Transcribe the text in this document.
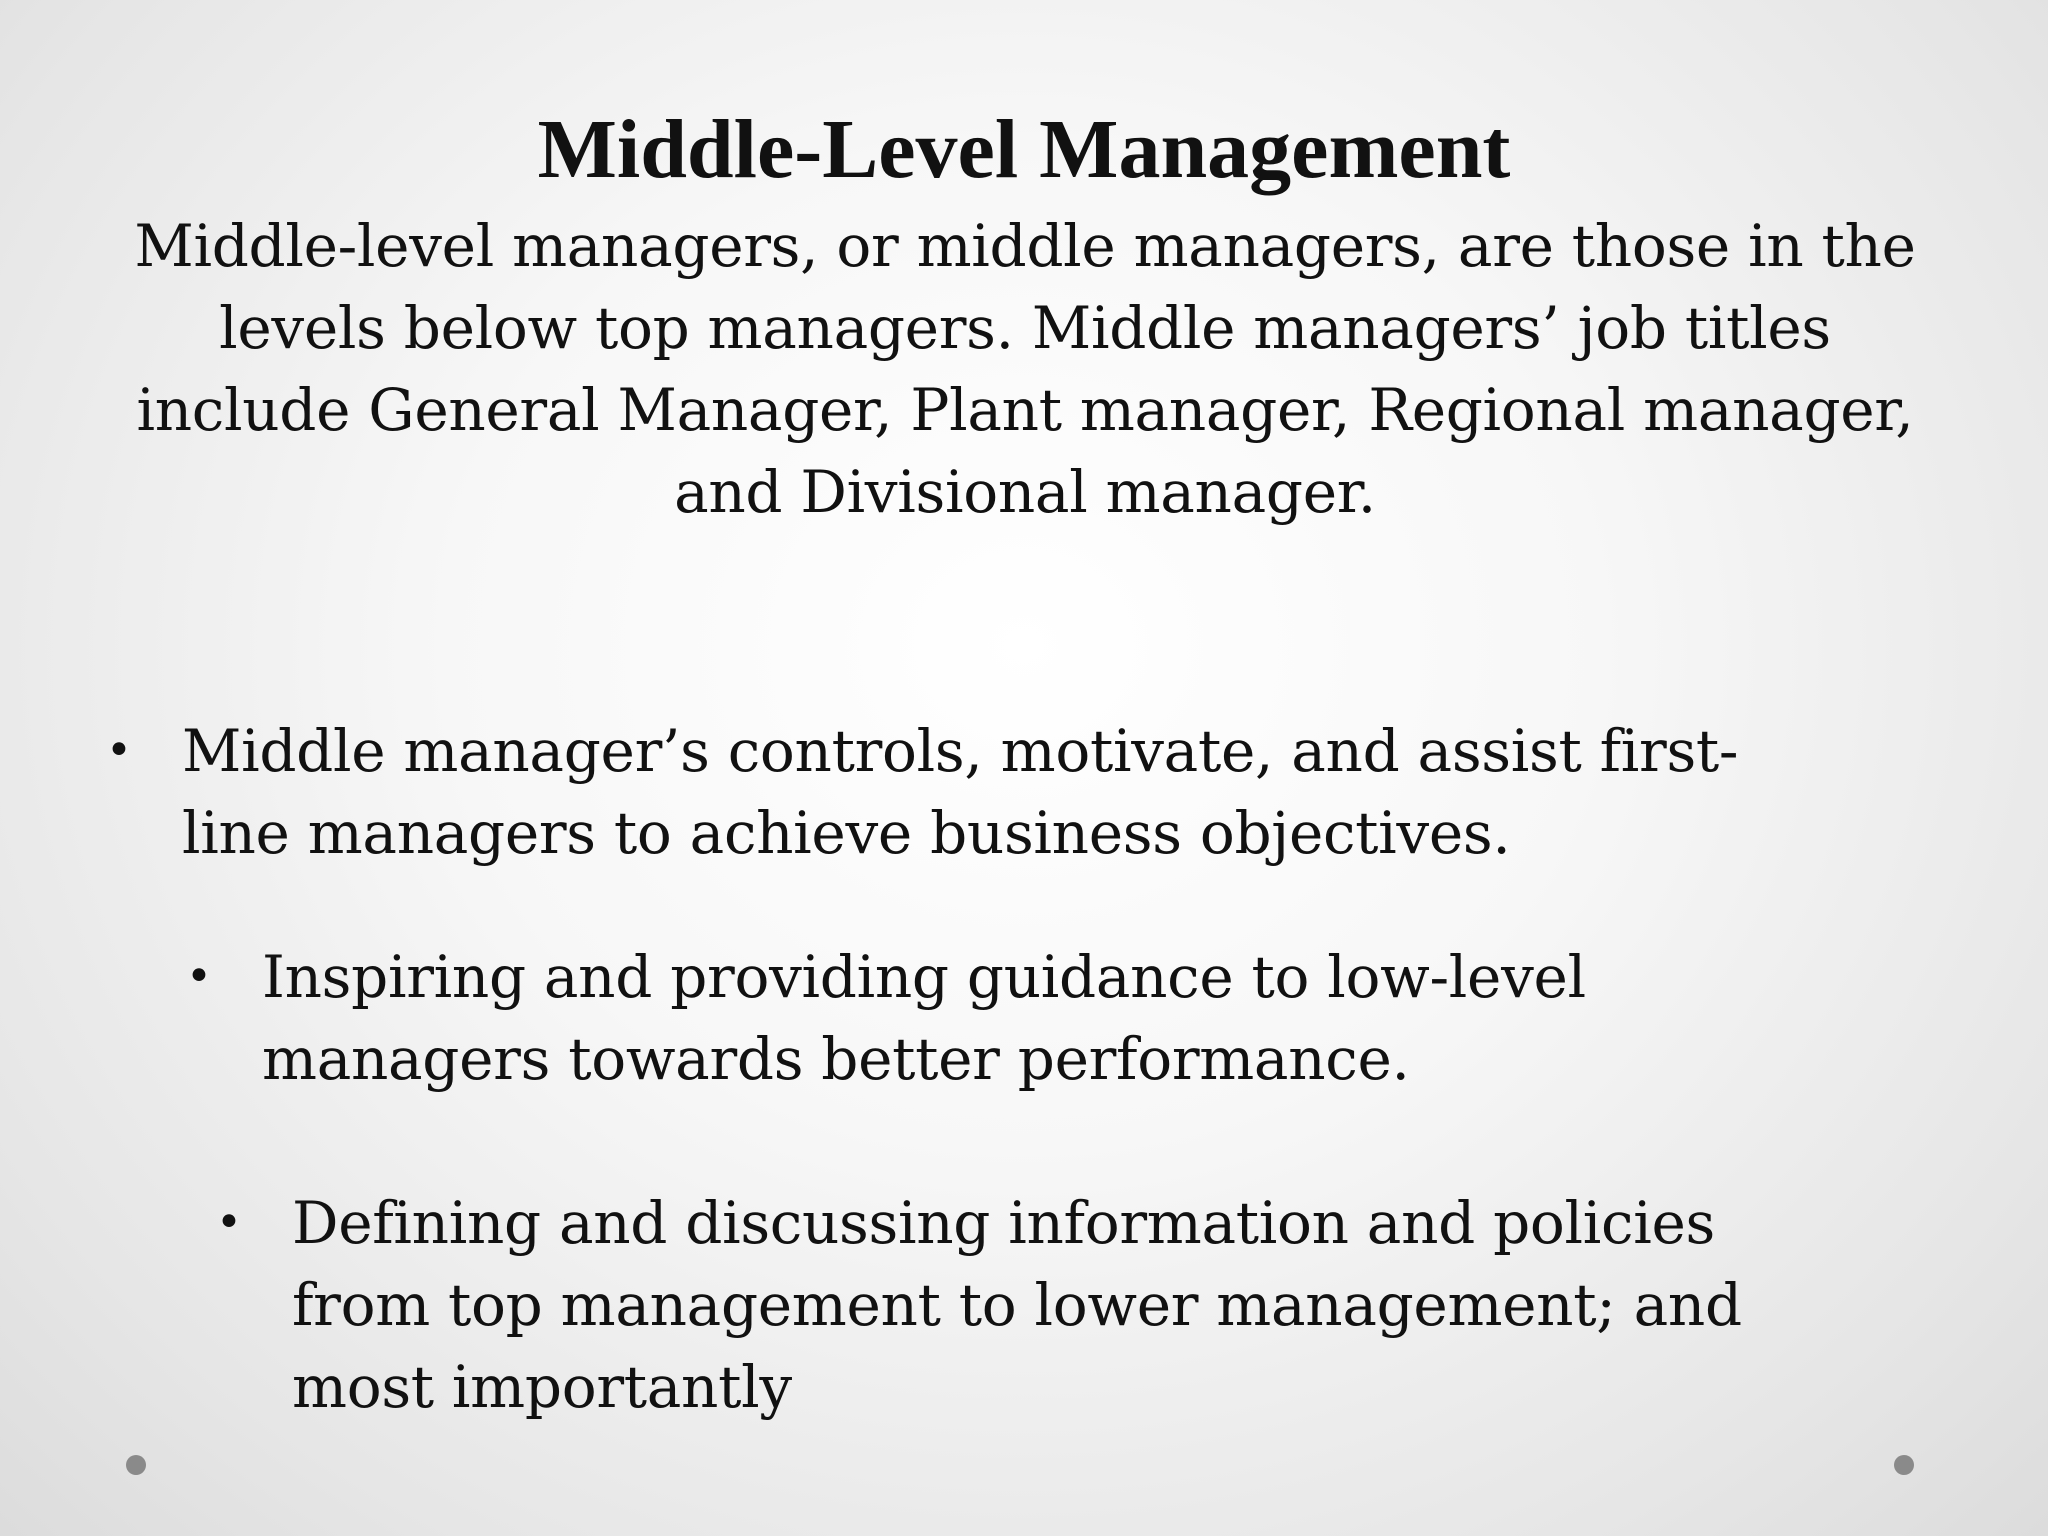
Middle-Level Management

Middle-level managers, or middle managers, are those in the levels below top managers. Middle managers’ job titles include General Manager, Plant manager, Regional manager, and Divisional manager.

• Middle manager’s controls, motivate, and assist first-line managers to achieve business objectives.
• Inspiring and providing guidance to low-level managers towards better performance.
• Defining and discussing information and policies from top management to lower management; and most importantly
